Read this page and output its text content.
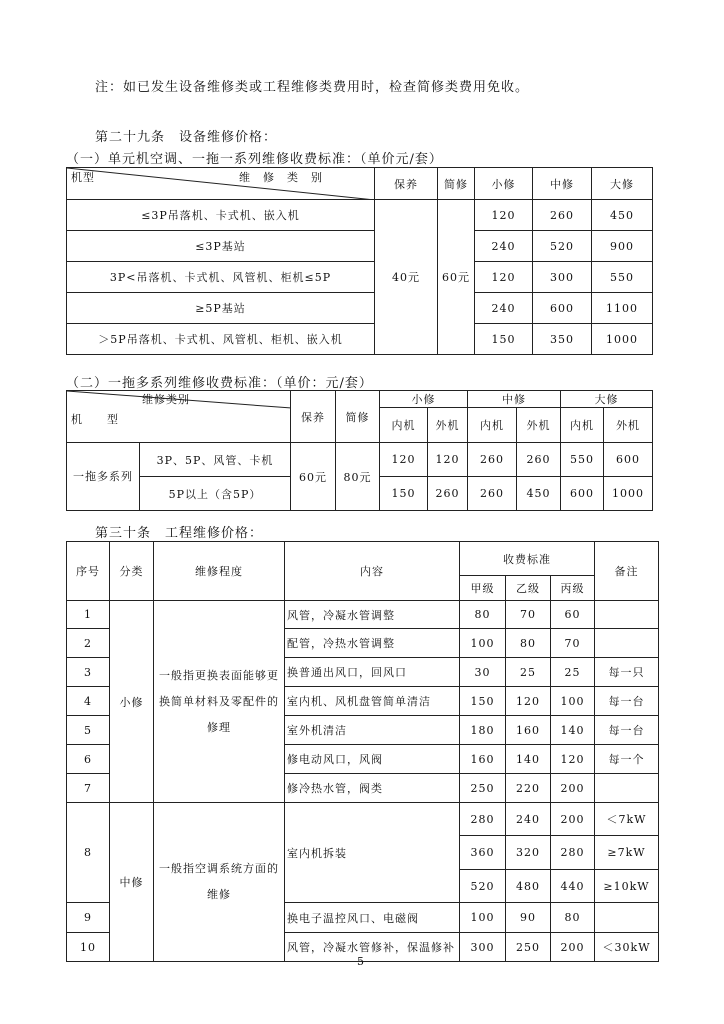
注：如已发生设备维修类或工程维修类费用时，检查简修类费用免收。
第二十九条　设备维修价格：
（一）单元机空调、一拖一系列维修收费标准：（单价元/套）
机型 维　修　类　别	保养	简修	小修	中修	大修
≤3P吊落机、卡式机、嵌入机	40元	60元	120	260	450
≤3P基站			240	520	900
3P<吊落机、卡式机、风管机、柜机≤5P			120	300	550
≥5P基站			240	600	1100
＞5P吊落机、卡式机、风管机、柜机、嵌入机			150	350	1000
（二）一拖多系列维修收费标准：（单价：元/套）
维修类别
机　　型		保养	简修	小修		中修		大修	
				内机	外机	内机	外机	内机	外机
一拖多系列	3P、5P、风管、卡机	60元	80元	120	120	260	260	550	600
	5P以上（含5P）			150	260	260	450	600	1000
第三十条　工程维修价格：
序号	分类	维修程度	内容	收费标准			备注
				甲级	乙级	丙级	
1	小修	一般指更换表面能够更换简单材料及零配件的修理	风管，冷凝水管调整	80	70	60	
2			配管，冷热水管调整	100	80	70	
3			换普通出风口，回风口	30	25	25	每一只
4			室内机、风机盘管简单清洁	150	120	100	每一台
5			室外机清洁	180	160	140	每一台
6			修电动风口，风阀	160	140	120	每一个
7			修冷热水管，阀类	250	220	200	
8	中修	一般指空调系统方面的维修	室内机拆装	280	240	200	＜7kW
				360	320	280	≥7kW
				520	480	440	≥10kW
9			换电子温控风口、电磁阀	100	90	80	
10			风管，冷凝水管修补，保温修补	300	250	200	＜30kW
5
